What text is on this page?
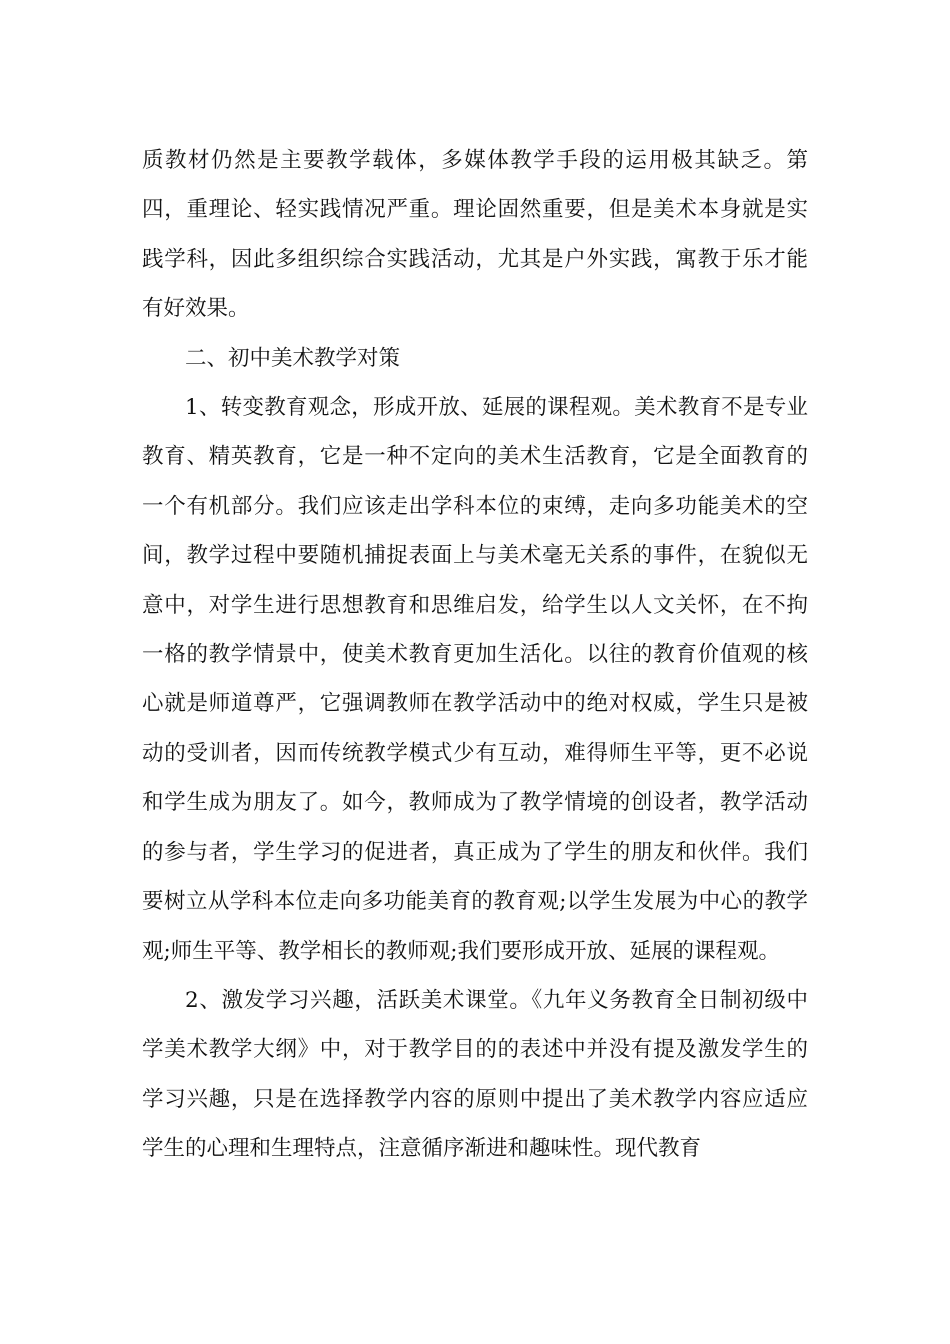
质教材仍然是主要教学载体，多媒体教学手段的运用极其缺乏。第四，重理论、轻实践情况严重。理论固然重要，但是美术本身就是实践学科，因此多组织综合实践活动，尤其是户外实践，寓教于乐才能有好效果。

二、初中美术教学对策

1、转变教育观念，形成开放、延展的课程观。美术教育不是专业教育、精英教育，它是一种不定向的美术生活教育，它是全面教育的一个有机部分。我们应该走出学科本位的束缚，走向多功能美术的空间，教学过程中要随机捕捉表面上与美术毫无关系的事件，在貌似无意中，对学生进行思想教育和思维启发，给学生以人文关怀，在不拘一格的教学情景中，使美术教育更加生活化。以往的教育价值观的核心就是师道尊严，它强调教师在教学活动中的绝对权威，学生只是被动的受训者，因而传统教学模式少有互动，难得师生平等，更不必说和学生成为朋友了。如今，教师成为了教学情境的创设者，教学活动的参与者，学生学习的促进者，真正成为了学生的朋友和伙伴。我们要树立从学科本位走向多功能美育的教育观;以学生发展为中心的教学观;师生平等、教学相长的教师观;我们要形成开放、延展的课程观。

2、激发学习兴趣，活跃美术课堂。《九年义务教育全日制初级中学美术教学大纲》中，对于教学目的的表述中并没有提及激发学生的学习兴趣，只是在选择教学内容的原则中提出了美术教学内容应适应学生的心理和生理特点，注意循序渐进和趣味性。现代教育
